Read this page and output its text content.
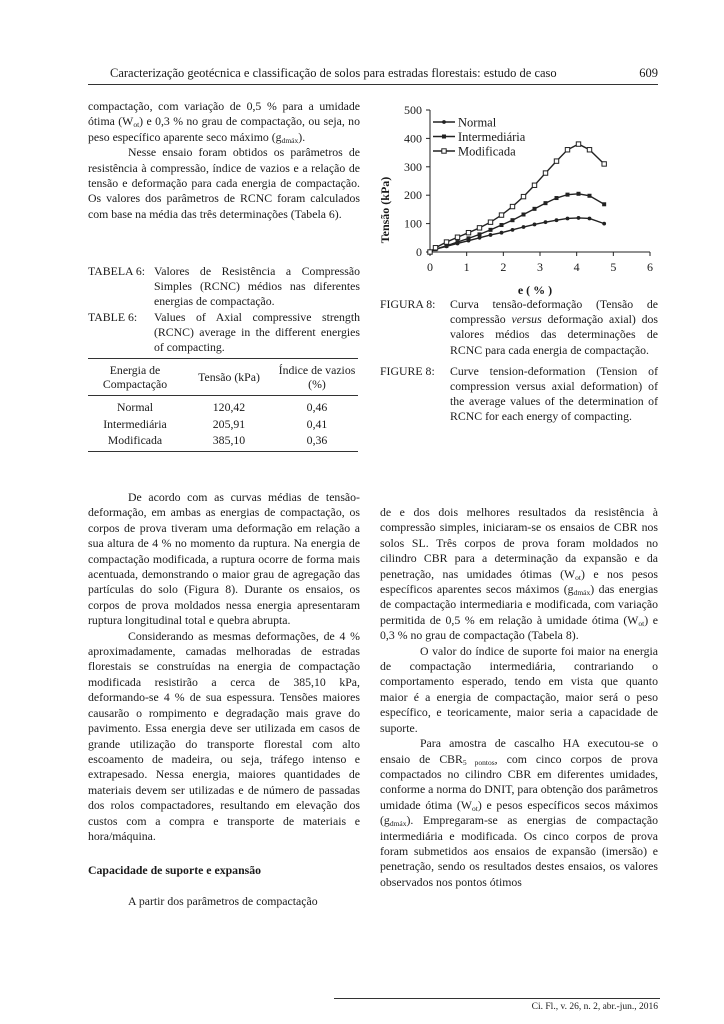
Caracterização geotécnica e classificação de solos para estradas florestais: estudo de caso	609

compactação, com variação de 0,5 % para a umidade ótima $(W_{ot})$ e 0,3 % no grau de compactação, ou seja, no peso específico aparente seco máximo $(g_{dmáx})$.

Nesse ensaio foram obtidos os parâmetros de resistência à compressão, índice de vazios e a relação de tensão e deformação para cada energia de compactação. Os valores dos parâmetros de RCNC foram calculados com base na média das três determinações (Tabela 6).

TABELA 6: Valores de Resistência a Compressão Simples (RCNC) médios nas diferentes energias de compactação.
TABLE 6:	Values of Axial compressive strength (RCNC) average in the different energies of compacting.
Energia de Compactação	Tensão (kPa)	Índice de vazios (%)
Normal	120,42	0,46
Intermediária	205,91	0,41
Modificada	385,10	0,36
0
100
200
300
400
500
0	1	2	3	4	5	6
Normal
Intermediária
Modificada
Tensão (kPa)
e ( % )
FIGURA 8:	Curva tensão-deformação (Tensão de compressão versus deformação axial) dos valores médios das determinações de RCNC para cada energia de compactação.
FIGURE 8:	Curve tension-deformation (Tension of compression versus axial deformation) of the average values of the determination of RCNC for each energy of compacting.

De acordo com as curvas médias de tensão-deformação, em ambas as energias de compactação, os corpos de prova tiveram uma deformação em relação a sua altura de 4 % no momento da ruptura. Na energia de compactação modificada, a ruptura ocorre de forma mais acentuada, demonstrando o maior grau de agregação das partículas do solo (Figura 8). Durante os ensaios, os corpos de prova moldados nessa energia apresentaram ruptura longitudinal total e quebra abrupta.

Considerando as mesmas deformações, de 4 % aproximadamente, camadas melhoradas de estradas florestais se construídas na energia de compactação modificada resistirão a cerca de 385,10 kPa, deformando-se 4 % de sua espessura. Tensões maiores causarão o rompimento e degradação mais grave do pavimento. Essa energia deve ser utilizada em casos de grande utilização do transporte florestal com alto escoamento de madeira, ou seja, tráfego intenso e extrapesado. Nessa energia, maiores quantidades de materiais devem ser utilizadas e de número de passadas dos rolos compactadores, resultando em elevação dos custos com a compra e transporte de materiais e hora/máquina.

Capacidade de suporte e expansão

A partir dos parâmetros de compactação

de e dos dois melhores resultados da resistência à compressão simples, iniciaram-se os ensaios de CBR nos solos SL. Três corpos de prova foram moldados no cilindro CBR para a determinação da expansão e da penetração, nas umidades ótimas $(W_{ot})$ e nos pesos específicos aparentes secos máximos $(g_{dmáx})$ das energias de compactação intermediaria e modificada, com variação permitida de 0,5 % em relação à umidade ótima $(W_{ot})$ e 0,3 % no grau de compactação (Tabela 8).

O valor do índice de suporte foi maior na energia de compactação intermediária, contrariando o comportamento esperado, tendo em vista que quanto maior é a energia de compactação, maior será o peso específico, e teoricamente, maior seria a capacidade de suporte.

Para amostra de cascalho HA executou-se o ensaio de $CBR_{5 pontos}$, com cinco corpos de prova compactados no cilindro CBR em diferentes umidades, conforme a norma do DNIT, para obtenção dos parâmetros umidade ótima $(W_{ot})$ e pesos específicos secos máximos $(g_{dmáx})$. Empregaram-se as energias de compactação intermediária e modificada. Os cinco corpos de prova foram submetidos aos ensaios de expansão (imersão) e penetração, sendo os resultados destes ensaios, os valores observados nos pontos ótimos

Ci. Fl., v. 26, n. 2, abr.-jun., 2016
